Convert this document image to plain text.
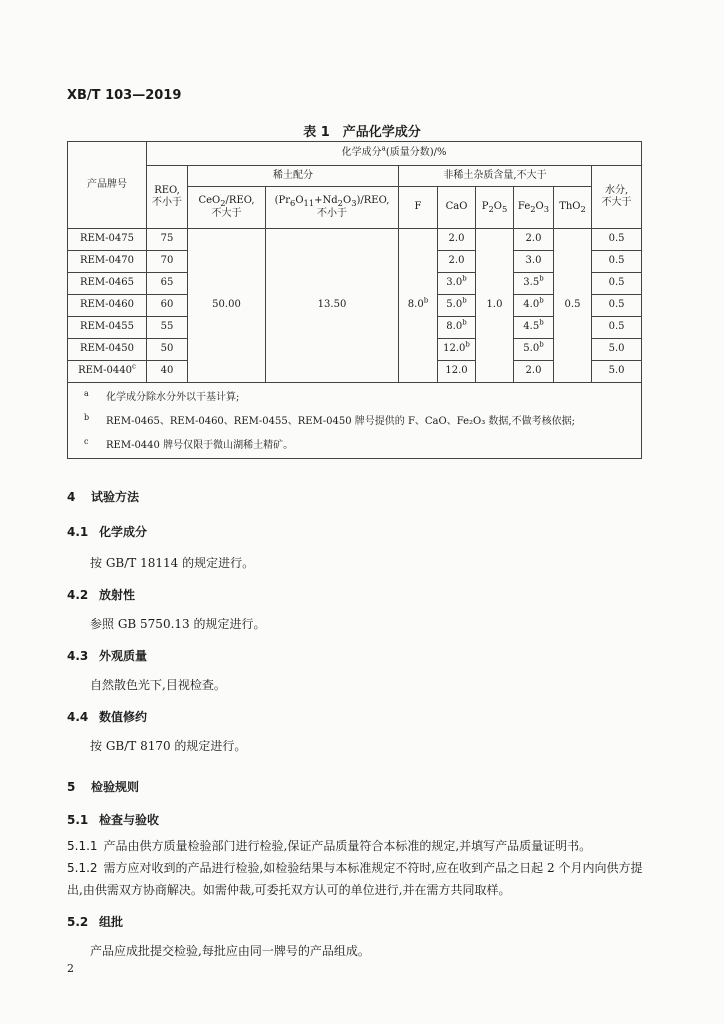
XB/T 103—2019
表 1　产品化学成分
产品牌号	化学成分$^a$(质量分数)/%								
	REO,
不小于	稀土配分		非稀土杂质含量,不大于					水分,
不大于
		CeO$_2$/REO,
不大于	$(Pr_6O_{11}+Nd_2O_3)$/REO,
不小于	F	CaO	$P_2O_5$	$Fe_2O_3$	ThO$_2$
REM-0475	75	50.00	13.50	8.0$^b$	2.0	1.0	2.0	0.5	0.5
REM-0470	70				2.0		3.0		0.5
REM-0465	65				3.0$^b$		3.5$^b$		0.5
REM-0460	60				5.0$^b$		4.0$^b$		0.5
REM-0455	55				8.0$^b$		4.5$^b$		0.5
REM-0450	50				12.0$^b$		5.0$^b$		5.0
REM-0440$^c$	40				12.0		2.0		5.0

a 化学成分除水分外以干基计算;
b REM-0465、REM-0460、REM-0455、REM-0450 牌号提供的 F、CaO、Fe₂O₃ 数据,不做考核依据;
c REM-0440 牌号仅限于微山湖稀土精矿。									
4 试验方法
4.1 化学成分
按 GB/T 18114 的规定进行。
4.2 放射性
参照 GB 5750.13 的规定进行。
4.3 外观质量
自然散色光下,目视检查。
4.4 数值修约
按 GB/T 8170 的规定进行。
5 检验规则
5.1 检查与验收
5.1.1 产品由供方质量检验部门进行检验,保证产品质量符合本标准的规定,并填写产品质量证明书。
5.1.2 需方应对收到的产品进行检验,如检验结果与本标准规定不符时,应在收到产品之日起 2 个月内向供方提出,由供需双方协商解决。如需仲裁,可委托双方认可的单位进行,并在需方共同取样。
5.2 组批
产品应成批提交检验,每批应由同一牌号的产品组成。
2
